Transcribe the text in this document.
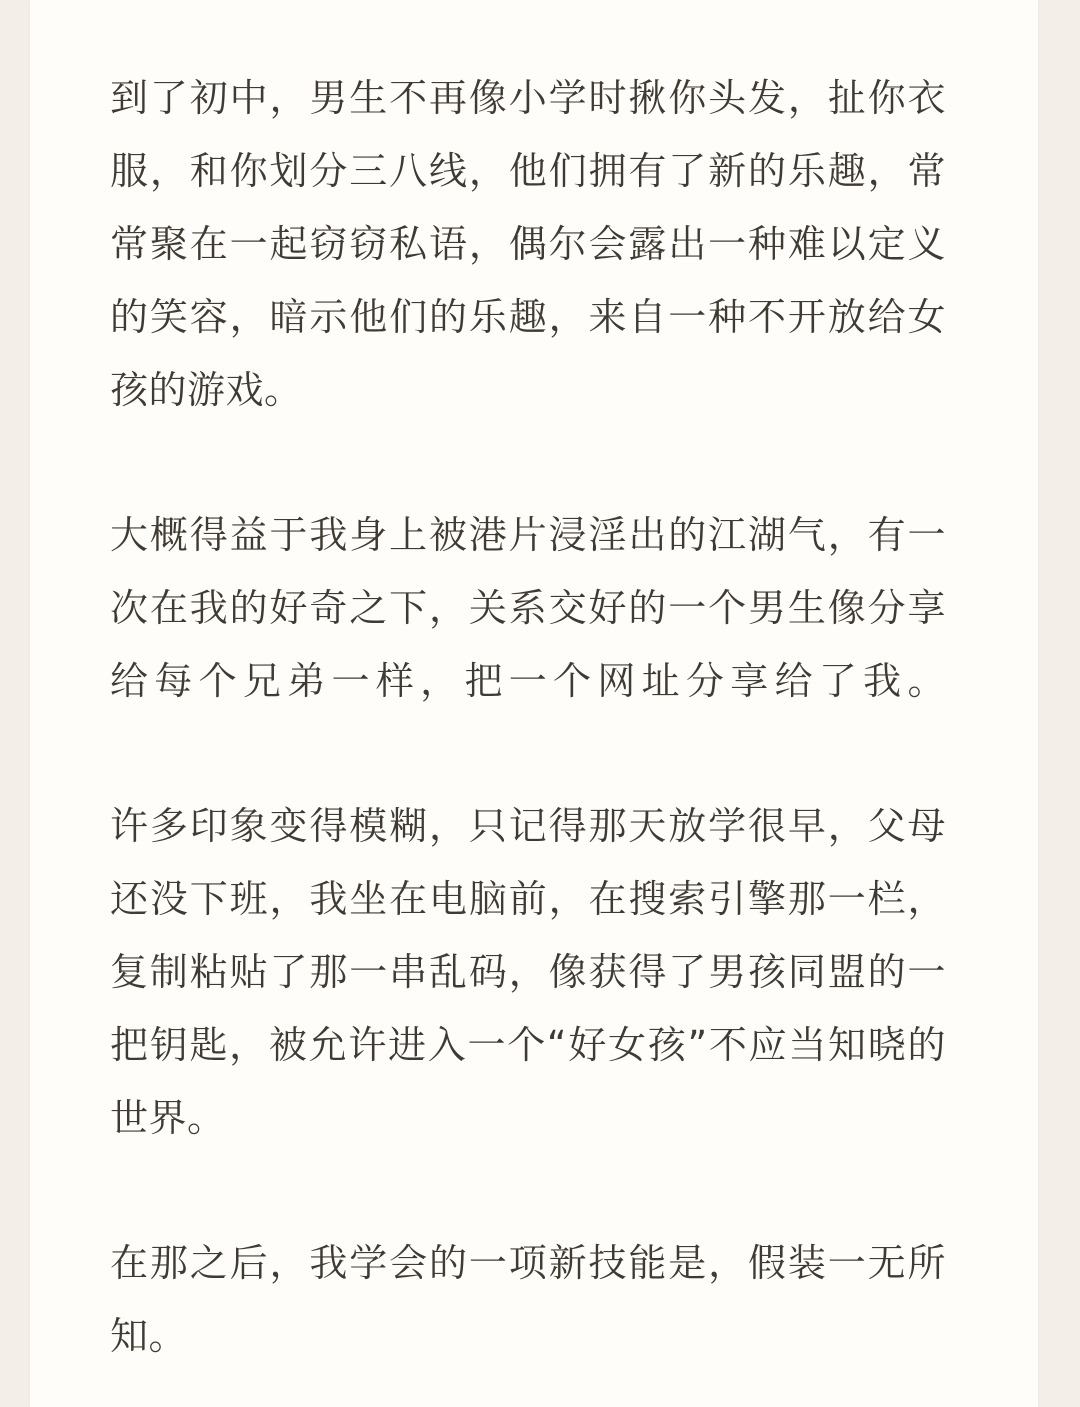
到了初中，男生不再像小学时揪你头发，扯你衣服，和你划分三八线，他们拥有了新的乐趣，常常聚在一起窃窃私语，偶尔会露出一种难以定义的笑容，暗示他们的乐趣，来自一种不开放给女孩的游戏。

大概得益于我身上被港片浸淫出的江湖气，有一次在我的好奇之下，关系交好的一个男生像分享给每个兄弟一样，把一个网址分享给了我。

许多印象变得模糊，只记得那天放学很早，父母还没下班，我坐在电脑前，在搜索引擎那一栏，复制粘贴了那一串乱码，像获得了男孩同盟的一把钥匙，被允许进入一个“好女孩”不应当知晓的世界。

在那之后，我学会的一项新技能是，假装一无所知。
